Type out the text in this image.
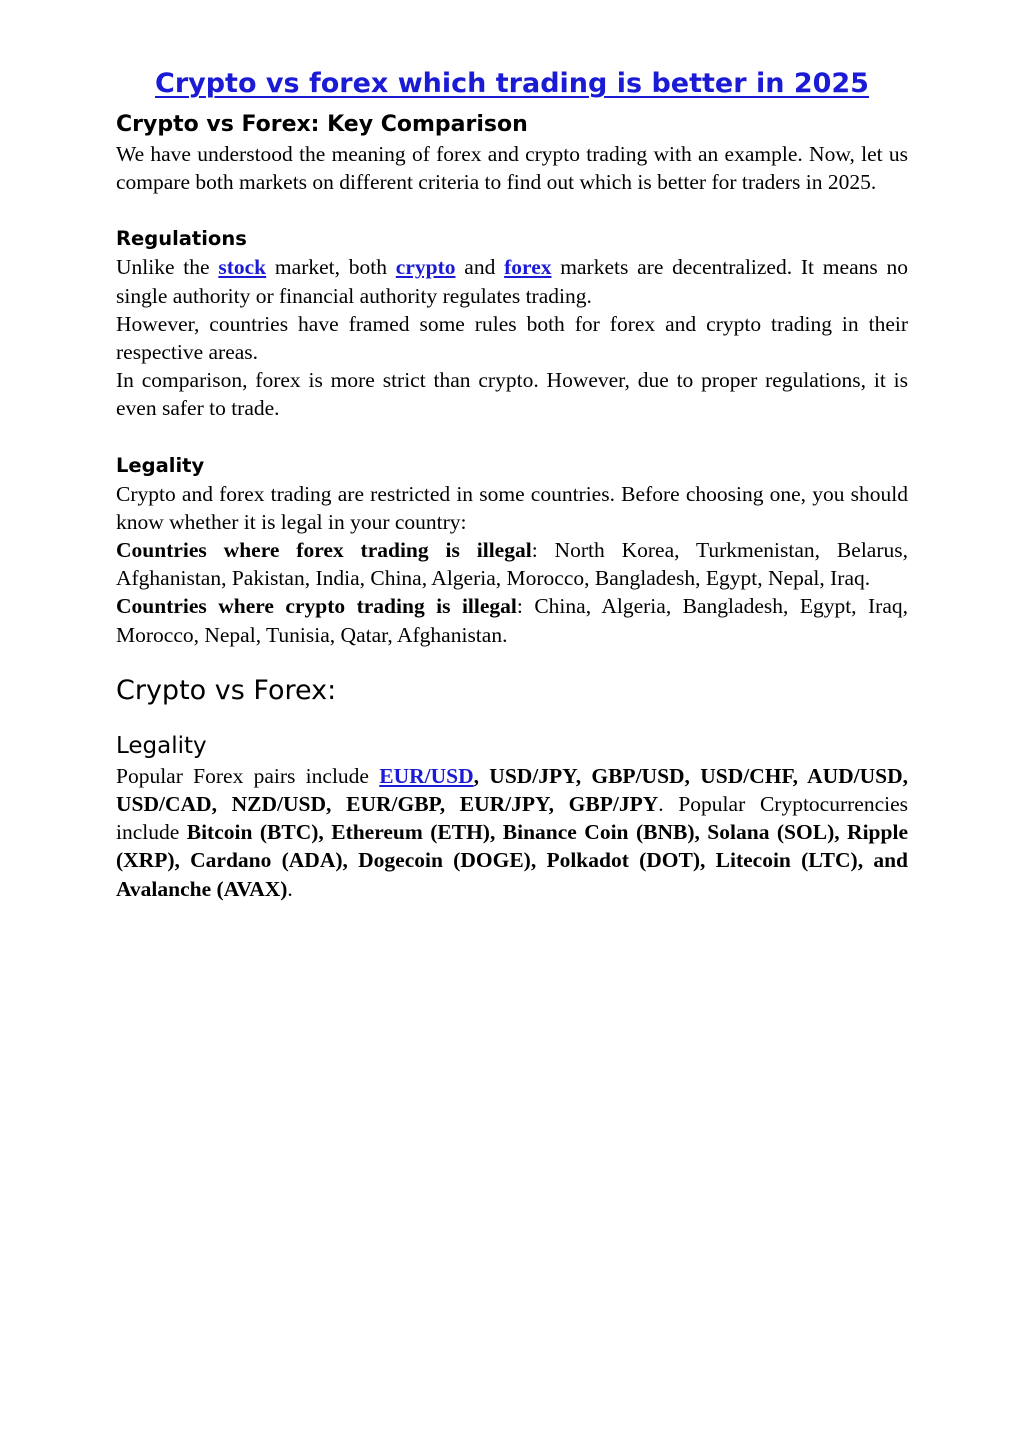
Crypto vs forex which trading is better in 2025
Crypto vs Forex: Key Comparison

We have understood the meaning of forex and crypto trading with an example. Now, let us compare both markets on different criteria to find out which is better for traders in 2025.

Regulations

Unlike the stock market, both crypto and forex markets are decentralized. It means no single authority or financial authority regulates trading.

However, countries have framed some rules both for forex and crypto trading in their respective areas.

In comparison, forex is more strict than crypto. However, due to proper regulations, it is even safer to trade.

Legality

Crypto and forex trading are restricted in some countries. Before choosing one, you should know whether it is legal in your country:

Countries where forex trading is illegal: North Korea, Turkmenistan, Belarus, Afghanistan, Pakistan, India, China, Algeria, Morocco, Bangladesh, Egypt, Nepal, Iraq.

Countries where crypto trading is illegal: China, Algeria, Bangladesh, Egypt, Iraq, Morocco, Nepal, Tunisia, Qatar, Afghanistan.

Crypto vs Forex:
Legality

Popular Forex pairs include EUR/USD, USD/JPY, GBP/USD, USD/CHF, AUD/USD, USD/CAD, NZD/USD, EUR/GBP, EUR/JPY, GBP/JPY. Popular Cryptocurrencies include Bitcoin (BTC), Ethereum (ETH), Binance Coin (BNB), Solana (SOL), Ripple (XRP), Cardano (ADA), Dogecoin (DOGE), Polkadot (DOT), Litecoin (LTC), and Avalanche (AVAX).
